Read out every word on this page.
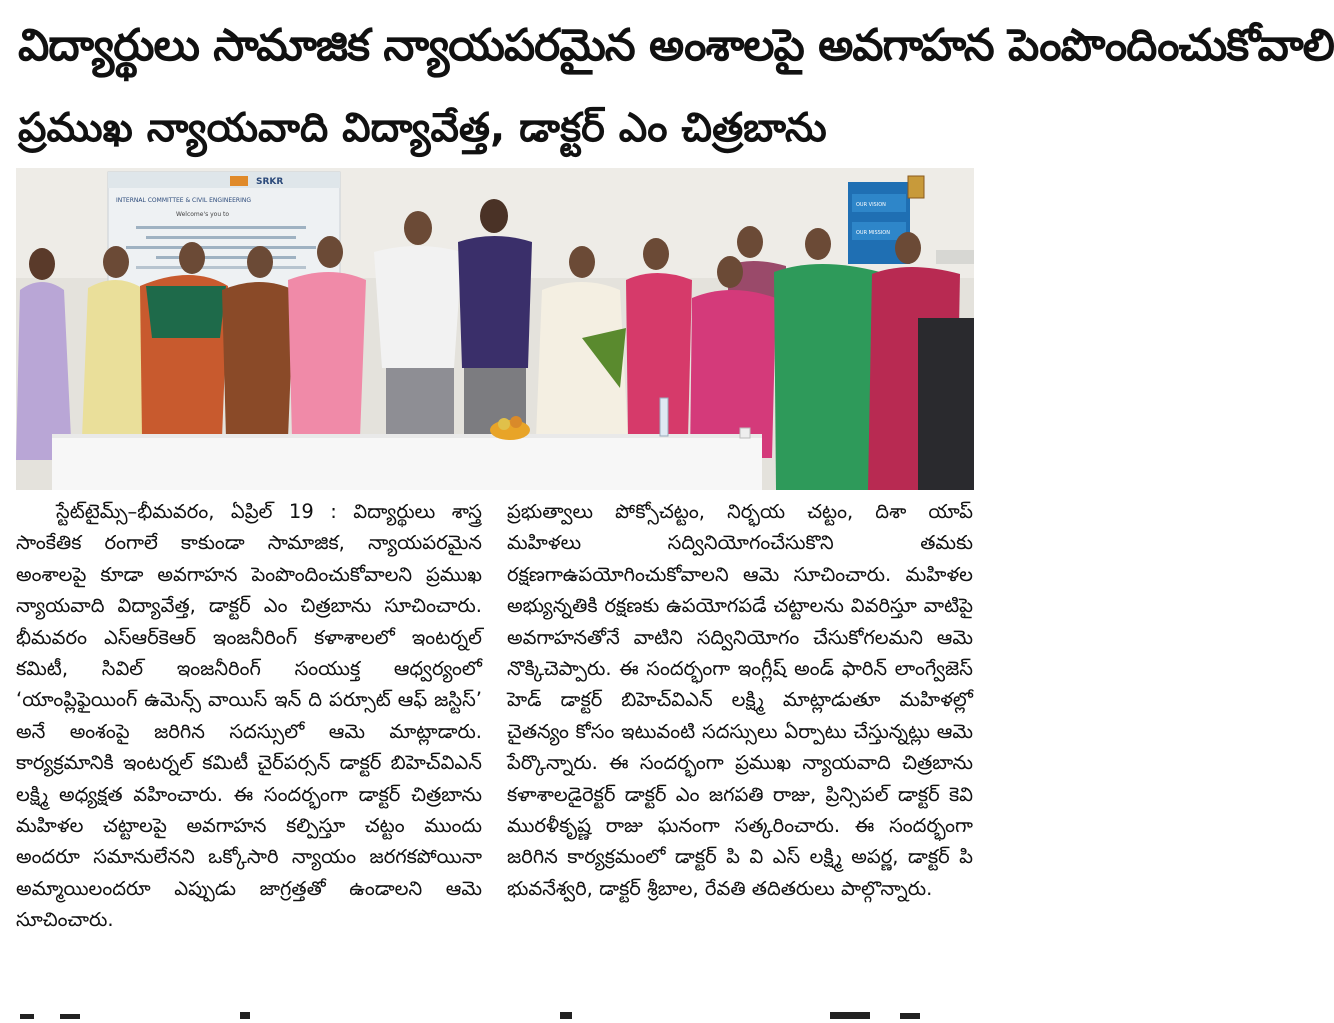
విద్యార్థులు సామాజిక న్యాయపరమైన అంశాలపై అవగాహన పెంపొందించుకోవాలి
ప్రముఖ న్యాయవాది విద్యావేత్త, డాక్టర్ ఎం చిత్రబాను
SRKR
INTERNAL COMMITTEE & CIVIL ENGINEERING
Welcome's you to
OUR VISION
OUR MISSION
స్టేట్‌టైమ్స్‌–భీమవరం, ఏప్రిల్‌ 19 : విద్యార్థులు శాస్త్ర సాంకేతిక రంగాలే కాకుండా సామాజిక, న్యాయపరమైన అంశాలపై కూడా అవగాహన పెంపొందించుకోవాలని ప్రముఖ న్యాయవాది విద్యావేత్త, డాక్టర్‌ ఎం చిత్రబాను సూచించారు. భీమవరం ఎస్‌ఆర్‌కెఆర్‌ ఇంజనీరింగ్‌ కళాశాలలో ఇంటర్నల్‌ కమిటీ, సివిల్‌ ఇంజనీరింగ్‌ సంయుక్త ఆధ్వర్యంలో ‘యాంప్లిఫైయింగ్‌ ఉమెన్స్‌ వాయిస్‌ ఇన్‌ ది పర్సూట్‌ ఆఫ్‌ జస్టిస్‌’ అనే అంశంపై జరిగిన సదస్సులో ఆమె మాట్లాడారు. కార్యక్రమానికి ఇంటర్నల్‌ కమిటీ చైర్‌పర్సన్‌ డాక్టర్‌ బిహెచ్‌విఎన్‌ లక్ష్మి అధ్యక్షత వహించారు. ఈ సందర్భంగా డాక్టర్‌ చిత్రబాను మహిళల చట్టాలపై అవగాహన కల్పిస్తూ చట్టం ముందు అందరూ సమానులేనని ఒక్కోసారి న్యాయం జరగకపోయినా అమ్మాయిలందరూ ఎప్పుడు జాగ్రత్తతో ఉండాలని ఆమె సూచించారు.
ప్రభుత్వాలు పోక్సోచట్టం, నిర్భయ చట్టం, దిశా యాప్‌ మహిళలు సద్వినియోగంచేసుకొని తమకు రక్షణగాఉపయోగించుకోవాలని ఆమె సూచించారు. మహిళల అభ్యున్నతికి రక్షణకు ఉపయోగపడే చట్టాలను వివరిస్తూ వాటిపై అవగాహనతోనే వాటిని సద్వినియోగం చేసుకోగలమని ఆమె నొక్కిచెప్పారు. ఈ సందర్భంగా ఇంగ్లీష్‌ అండ్‌ ఫారిన్‌ లాంగ్వేజెస్‌ హెడ్‌ డాక్టర్‌ బిహెచ్‌విఎన్‌ లక్ష్మి మాట్లాడుతూ మహిళల్లో చైతన్యం కోసం ఇటువంటి సదస్సులు ఏర్పాటు చేస్తున్నట్లు ఆమె పేర్కొన్నారు. ఈ సందర్భంగా ప్రముఖ న్యాయవాది చిత్రబాను కళాశాలడైరెక్టర్‌ డాక్టర్‌ ఎం జగపతి రాజు, ప్రిన్సిపల్‌ డాక్టర్‌ కెవి మురళీకృష్ణ రాజు ఘనంగా సత్కరించారు. ఈ సందర్భంగా జరిగిన కార్యక్రమంలో డాక్టర్‌ పి వి ఎస్‌ లక్ష్మి అపర్ణ, డాక్టర్‌ పి భువనేశ్వరి, డాక్టర్‌ శ్రీబాల, రేవతి తదితరులు పాల్గొన్నారు.
